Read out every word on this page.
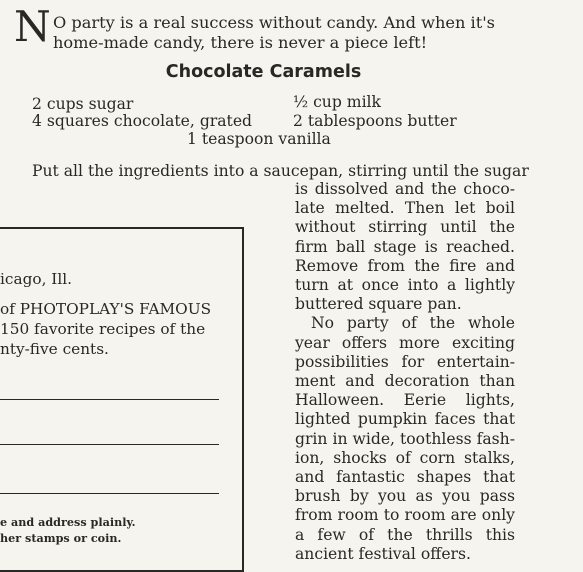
N O party is a real success without candy. And when it's
home-made candy, there is never a piece left!
Chocolate Caramels
2 cups sugar
4 squares chocolate, grated
½ cup milk
2 tablespoons butter
1 teaspoon vanilla
Put all the ingredients into a saucepan, stirring until the sugar
is dissolved and the choco-
late melted. Then let boil
without stirring until the
firm ball stage is reached.
Remove from the fire and
turn at once into a lightly
buttered square pan.
No party of the whole
year offers more exciting
possibilities for entertain-
ment and decoration than
Halloween. Eerie lights,
lighted pumpkin faces that
grin in wide, toothless fash-
ion, shocks of corn stalks,
and fantastic shapes that
brush by you as you pass
from room to room are only
a few of the thrills this
ancient festival offers.
icago, Ill.
of PHOTOPLAY'S FAMOUS
150 favorite recipes of the
nty-five cents.
e and address plainly.
her stamps or coin.
